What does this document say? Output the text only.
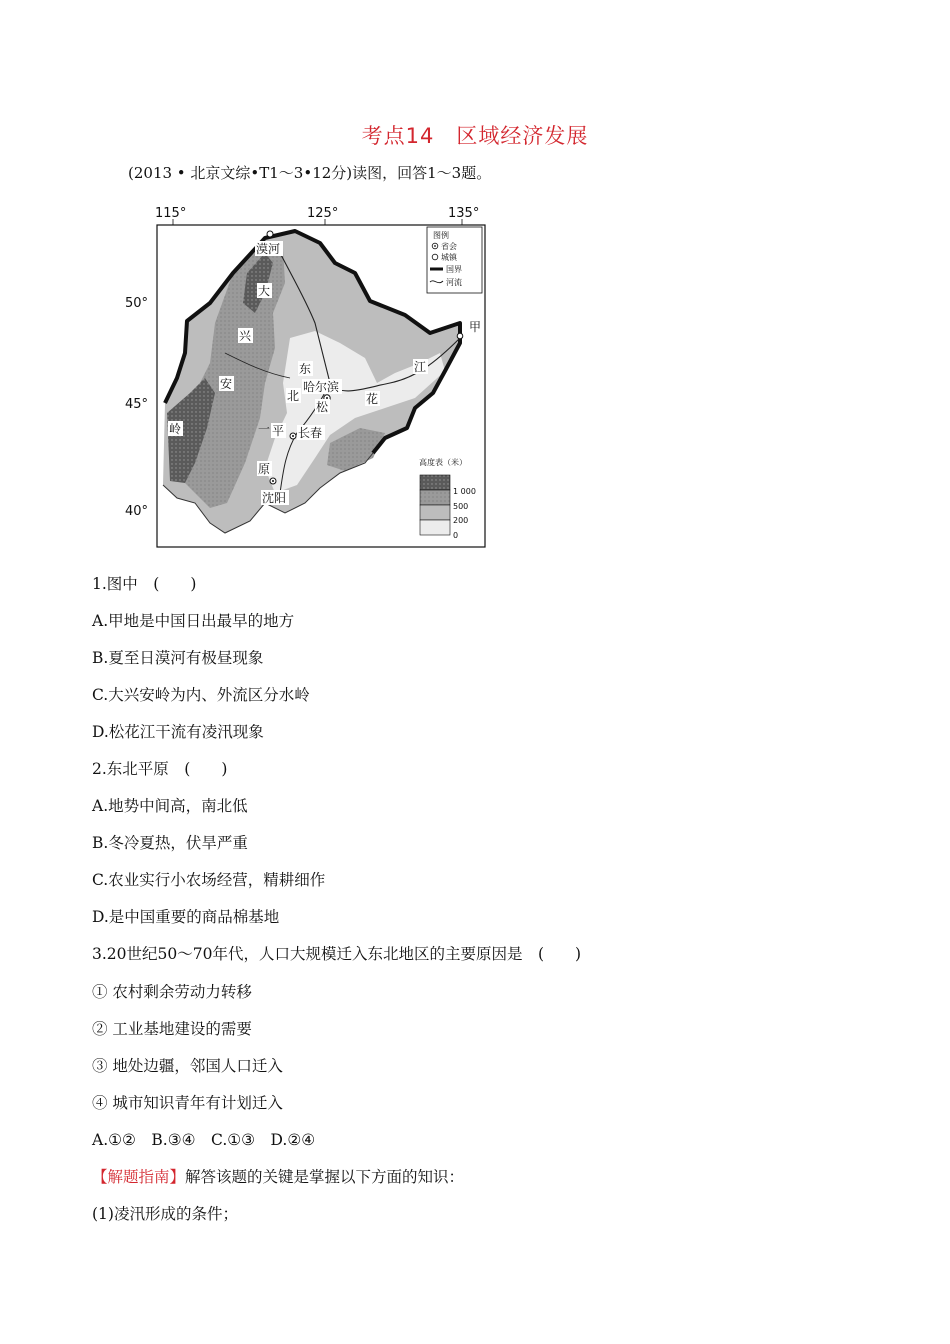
考点14　区域经济发展
(2013 • 北京文综•T1～3•12分)读图，回答1～3题。
115°	125°	135°
50°
45°
40°
漠河
大
兴
安
岭
东
北
哈尔滨
松
花
江
甲
一 平 长春
原
沈阳
图例
省会
城镇
国界
河流
高度表（米）
1 000
500
200
0
1.图中　(　　)
A.甲地是中国日出最早的地方
B.夏至日漠河有极昼现象
C.大兴安岭为内、外流区分水岭
D.松花江干流有凌汛现象
2.东北平原　(　　)
A.地势中间高，南北低
B.冬冷夏热，伏旱严重
C.农业实行小农场经营，精耕细作
D.是中国重要的商品棉基地
3.20世纪50～70年代，人口大规模迁入东北地区的主要原因是　(　　)
① 农村剩余劳动力转移
② 工业基地建设的需要
③ 地处边疆，邻国人口迁入
④ 城市知识青年有计划迁入
A.①②　B.③④　C.①③　D.②④
【解题指南】解答该题的关键是掌握以下方面的知识：
(1)凌汛形成的条件；
